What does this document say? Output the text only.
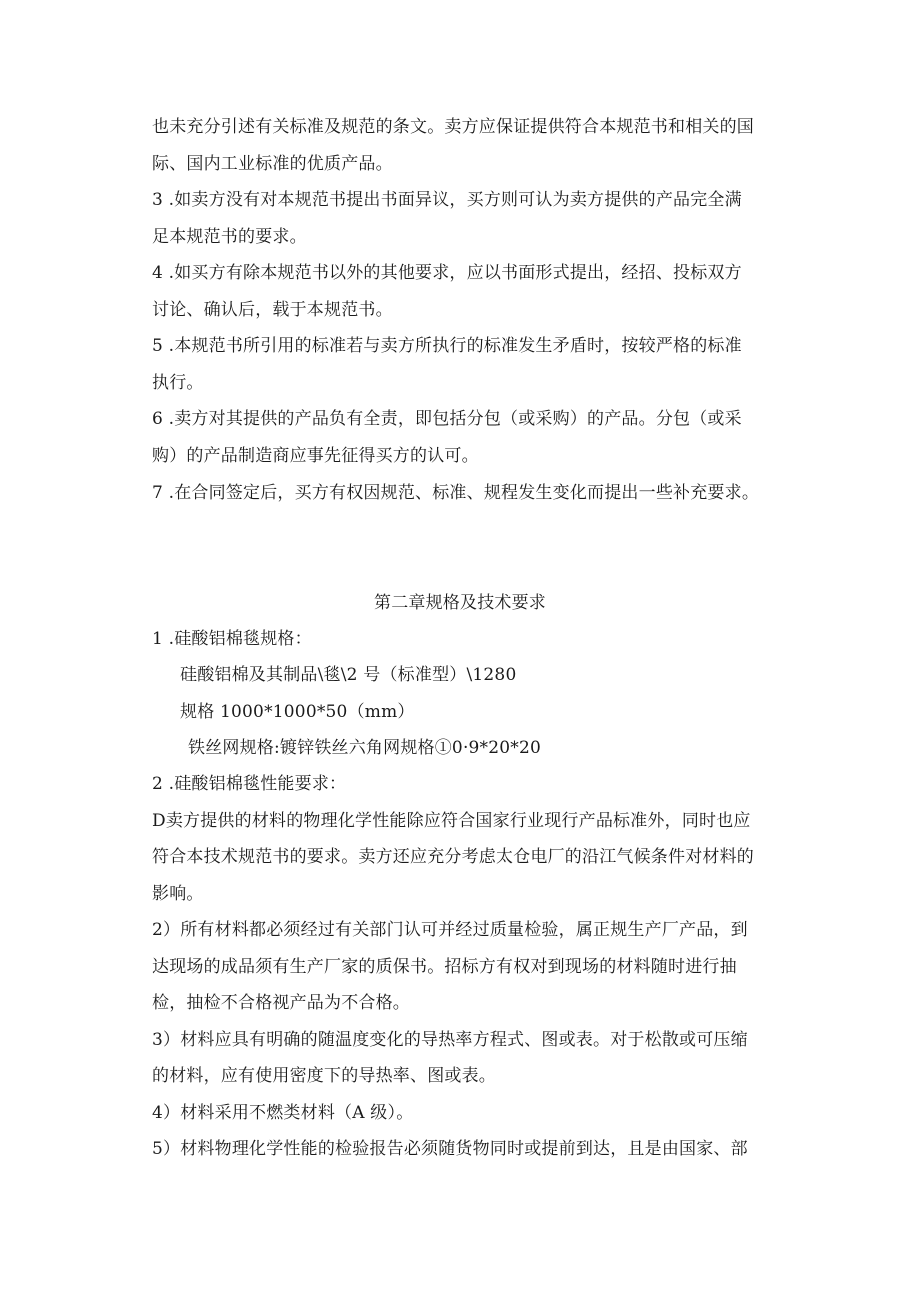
也未充分引述有关标准及规范的条文。卖方应保证提供符合本规范书和相关的国
际、国内工业标准的优质产品。
3 .如卖方没有对本规范书提出书面异议，买方则可认为卖方提供的产品完全满
足本规范书的要求。
4 .如买方有除本规范书以外的其他要求，应以书面形式提出，经招、投标双方
讨论、确认后，载于本规范书。
5 .本规范书所引用的标准若与卖方所执行的标准发生矛盾时，按较严格的标准
执行。
6 .卖方对其提供的产品负有全责，即包括分包（或采购）的产品。分包（或采
购）的产品制造商应事先征得买方的认可。
7 .在合同签定后，买方有权因规范、标准、规程发生变化而提出一些补充要求。
第二章规格及技术要求
1 .硅酸铝棉毯规格：
硅酸铝棉及其制品\毯\2 号（标准型）\1280
规格 1000*1000*50（mm）
铁丝网规格:镀锌铁丝六角网规格①0·9*20*20
2 .硅酸铝棉毯性能要求：
D卖方提供的材料的物理化学性能除应符合国家行业现行产品标准外，同时也应
符合本技术规范书的要求。卖方还应充分考虑太仓电厂的沿江气候条件对材料的
影响。
2）所有材料都必须经过有关部门认可并经过质量检验，属正规生产厂产品，到
达现场的成品须有生产厂家的质保书。招标方有权对到现场的材料随时进行抽
检，抽检不合格视产品为不合格。
3）材料应具有明确的随温度变化的导热率方程式、图或表。对于松散或可压缩
的材料，应有使用密度下的导热率、图或表。
4）材料采用不燃类材料（A 级）。
5）材料物理化学性能的检验报告必须随货物同时或提前到达，且是由国家、部
